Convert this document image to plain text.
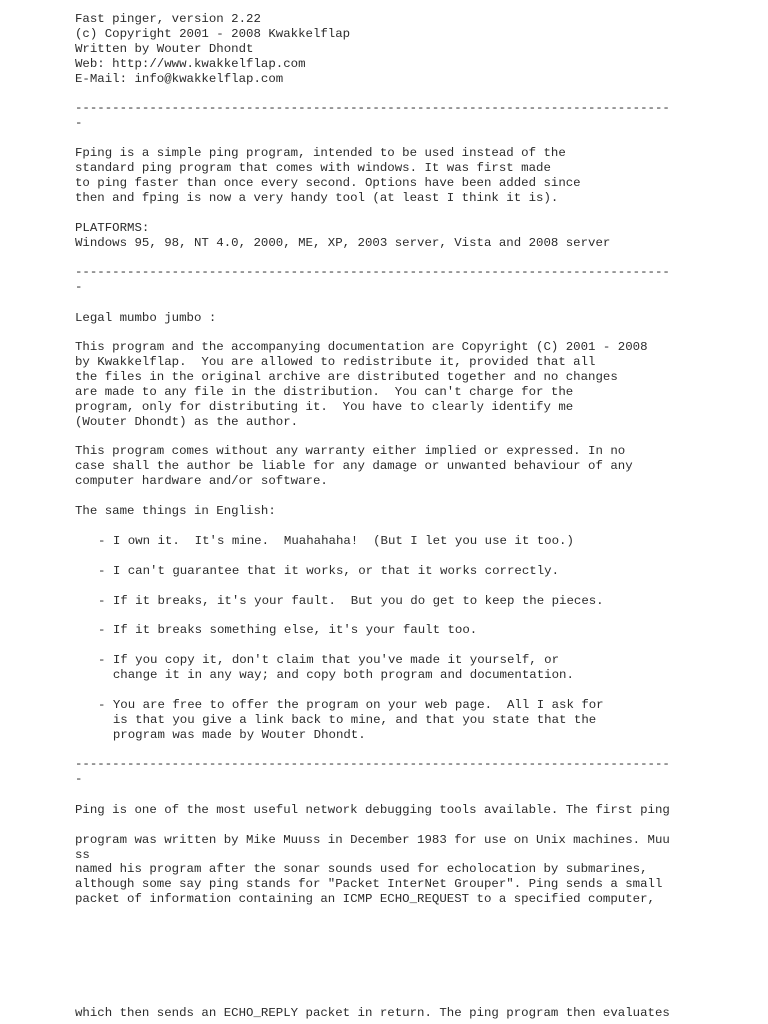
Fast pinger, version 2.22
(c) Copyright 2001 - 2008 Kwakkelflap
Written by Wouter Dhondt
Web: http://www.kwakkelflap.com
E-Mail: info@kwakkelflap.com
--------------------------------------------------------------------------------
-
Fping is a simple ping program, intended to be used instead of the
standard ping program that comes with windows. It was first made
to ping faster than once every second. Options have been added since
then and fping is now a very handy tool (at least I think it is).
PLATFORMS:
Windows 95, 98, NT 4.0, 2000, ME, XP, 2003 server, Vista and 2008 server
--------------------------------------------------------------------------------
-
Legal mumbo jumbo :
This program and the accompanying documentation are Copyright (C) 2001 - 2008
by Kwakkelflap.  You are allowed to redistribute it, provided that all
the files in the original archive are distributed together and no changes
are made to any file in the distribution.  You can't charge for the
program, only for distributing it.  You have to clearly identify me
(Wouter Dhondt) as the author.
This program comes without any warranty either implied or expressed. In no
case shall the author be liable for any damage or unwanted behaviour of any
computer hardware and/or software.
The same things in English:
- I own it.  It's mine.  Muahahaha!  (But I let you use it too.)
- I can't guarantee that it works, or that it works correctly.
- If it breaks, it's your fault.  But you do get to keep the pieces.
- If it breaks something else, it's your fault too.
- If you copy it, don't claim that you've made it yourself, or
change it in any way; and copy both program and documentation.
- You are free to offer the program on your web page.  All I ask for
is that you give a link back to mine, and that you state that the
program was made by Wouter Dhondt.
--------------------------------------------------------------------------------
-
Ping is one of the most useful network debugging tools available. The first ping
program was written by Mike Muuss in December 1983 for use on Unix machines. Muu
ss
named his program after the sonar sounds used for echolocation by submarines,
although some say ping stands for "Packet InterNet Grouper". Ping sends a small
packet of information containing an ICMP ECHO_REQUEST to a specified computer,
which then sends an ECHO_REPLY packet in return. The ping program then evaluates
